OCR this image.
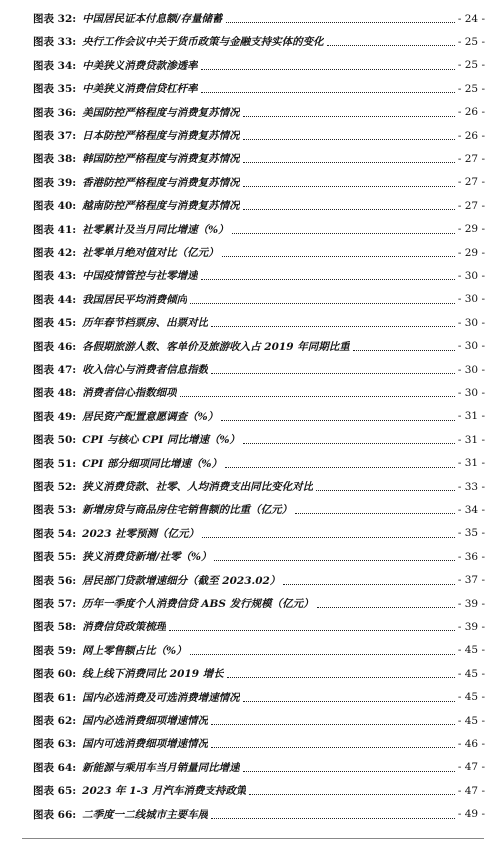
图表 32: 中国居民证本付息额/存量储蓄	- 24 -
图表 33: 央行工作会议中关于货币政策与金融支持实体的变化	- 25 -
图表 34: 中美狭义消费贷款渗透率	- 25 -
图表 35: 中美狭义消费信贷杠杆率	- 25 -
图表 36: 美国防控严格程度与消费复苏情况	- 26 -
图表 37: 日本防控严格程度与消费复苏情况	- 26 -
图表 38: 韩国防控严格程度与消费复苏情况	- 27 -
图表 39: 香港防控严格程度与消费复苏情况	- 27 -
图表 40: 越南防控严格程度与消费复苏情况	- 27 -
图表 41: 社零累计及当月同比增速（%）	- 29 -
图表 42: 社零单月绝对值对比（亿元）	- 29 -
图表 43: 中国疫情管控与社零增速	- 30 -
图表 44: 我国居民平均消费倾向	- 30 -
图表 45: 历年春节档票房、出票对比	- 30 -
图表 46: 各假期旅游人数、客单价及旅游收入占 2019 年同期比重	- 30 -
图表 47: 收入信心与消费者信息指数	- 30 -
图表 48: 消费者信心指数细项	- 30 -
图表 49: 居民资产配置意愿调查（%）	- 31 -
图表 50: CPI 与核心 CPI 同比增速（%）	- 31 -
图表 51: CPI 部分细项同比增速（%）	- 31 -
图表 52: 狭义消费贷款、社零、人均消费支出同比变化对比	- 33 -
图表 53: 新增房贷与商品房住宅销售额的比重（亿元）	- 34 -
图表 54: 2023 社零预测（亿元）	- 35 -
图表 55: 狭义消费贷新增/社零（%）	- 36 -
图表 56: 居民部门贷款增速细分（截至 2023.02）	- 37 -
图表 57: 历年一季度个人消费信贷 ABS 发行规模（亿元）	- 39 -
图表 58: 消费信贷政策梳理	- 39 -
图表 59: 网上零售额占比（%）	- 45 -
图表 60: 线上线下消费同比 2019 增长	- 45 -
图表 61: 国内必选消费及可选消费增速情况	- 45 -
图表 62: 国内必选消费细项增速情况	- 45 -
图表 63: 国内可选消费细项增速情况	- 46 -
图表 64: 新能源与乘用车当月销量同比增速	- 47 -
图表 65: 2023 年 1-3 月汽车消费支持政策	- 47 -
图表 66: 二季度一二线城市主要车展	- 49 -
